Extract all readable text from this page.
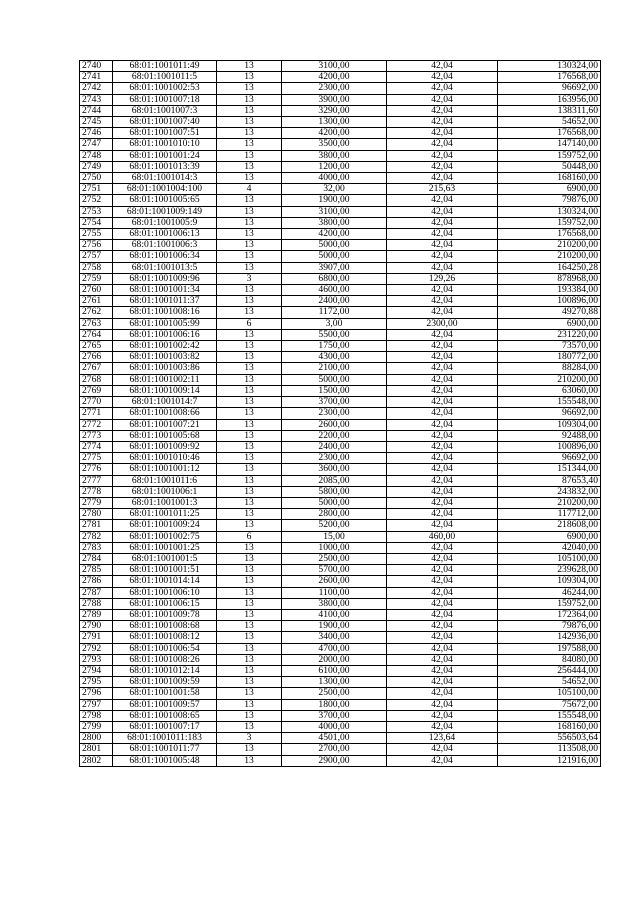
2740	68:01:1001011:49	13	3100,00	42,04	130324,00
2741	68:01:1001011:5	13	4200,00	42,04	176568,00
2742	68:01:1001002:53	13	2300,00	42,04	96692,00
2743	68:01:1001007:18	13	3900,00	42,04	163956,00
2744	68:01:1001007:3	13	3290,00	42,04	138311,60
2745	68:01:1001007:40	13	1300,00	42,04	54652,00
2746	68:01:1001007:51	13	4200,00	42,04	176568,00
2747	68:01:1001010:10	13	3500,00	42,04	147140,00
2748	68:01:1001001:24	13	3800,00	42,04	159752,00
2749	68:01:1001013:39	13	1200,00	42,04	50448,00
2750	68:01:1001014:3	13	4000,00	42,04	168160,00
2751	68:01:1001004:100	4	32,00	215,63	6900,00
2752	68:01:1001005:65	13	1900,00	42,04	79876,00
2753	68:01:1001009:149	13	3100,00	42,04	130324,00
2754	68:01:1001005:9	13	3800,00	42,04	159752,00
2755	68:01:1001006:13	13	4200,00	42,04	176568,00
2756	68:01:1001006:3	13	5000,00	42,04	210200,00
2757	68:01:1001006:34	13	5000,00	42,04	210200,00
2758	68:01:1001013:5	13	3907,00	42,04	164250,28
2759	68:01:1001009:96	3	6800,00	129,26	878968,00
2760	68:01:1001001:34	13	4600,00	42,04	193384,00
2761	68:01:1001011:37	13	2400,00	42,04	100896,00
2762	68:01:1001008:16	13	1172,00	42,04	49270,88
2763	68:01:1001005:99	6	3,00	2300,00	6900,00
2764	68:01:1001006:16	13	5500,00	42,04	231220,00
2765	68:01:1001002:42	13	1750,00	42,04	73570,00
2766	68:01:1001003:82	13	4300,00	42,04	180772,00
2767	68:01:1001003:86	13	2100,00	42,04	88284,00
2768	68:01:1001002:11	13	5000,00	42,04	210200,00
2769	68:01:1001009:14	13	1500,00	42,04	63060,00
2770	68:01:1001014:7	13	3700,00	42,04	155548,00
2771	68:01:1001008:66	13	2300,00	42,04	96692,00
2772	68:01:1001007:21	13	2600,00	42,04	109304,00
2773	68:01:1001005:68	13	2200,00	42,04	92488,00
2774	68:01:1001009:92	13	2400,00	42,04	100896,00
2775	68:01:1001010:46	13	2300,00	42,04	96692,00
2776	68:01:1001001:12	13	3600,00	42,04	151344,00
2777	68:01:1001011:6	13	2085,00	42,04	87653,40
2778	68:01:1001006:1	13	5800,00	42,04	243832,00
2779	68:01:1001001:3	13	5000,00	42,04	210200,00
2780	68:01:1001011:25	13	2800,00	42,04	117712,00
2781	68:01:1001009:24	13	5200,00	42,04	218608,00
2782	68:01:1001002:75	6	15,00	460,00	6900,00
2783	68:01:1001001:25	13	1000,00	42,04	42040,00
2784	68:01:1001001:5	13	2500,00	42,04	105100,00
2785	68:01:1001001:51	13	5700,00	42,04	239628,00
2786	68:01:1001014:14	13	2600,00	42,04	109304,00
2787	68:01:1001006:10	13	1100,00	42,04	46244,00
2788	68:01:1001006:15	13	3800,00	42,04	159752,00
2789	68:01:1001009:78	13	4100,00	42,04	172364,00
2790	68:01:1001008:68	13	1900,00	42,04	79876,00
2791	68:01:1001008:12	13	3400,00	42,04	142936,00
2792	68:01:1001006:54	13	4700,00	42,04	197588,00
2793	68:01:1001008:26	13	2000,00	42,04	84080,00
2794	68:01:1001012:14	13	6100,00	42,04	256444,00
2795	68:01:1001009:59	13	1300,00	42,04	54652,00
2796	68:01:1001001:58	13	2500,00	42,04	105100,00
2797	68:01:1001009:57	13	1800,00	42,04	75672,00
2798	68:01:1001008:65	13	3700,00	42,04	155548,00
2799	68:01:1001007:17	13	4000,00	42,04	168160,00
2800	68:01:1001011:183	3	4501,00	123,64	556503,64
2801	68:01:1001011:77	13	2700,00	42,04	113508,00
2802	68:01:1001005:48	13	2900,00	42,04	121916,00
